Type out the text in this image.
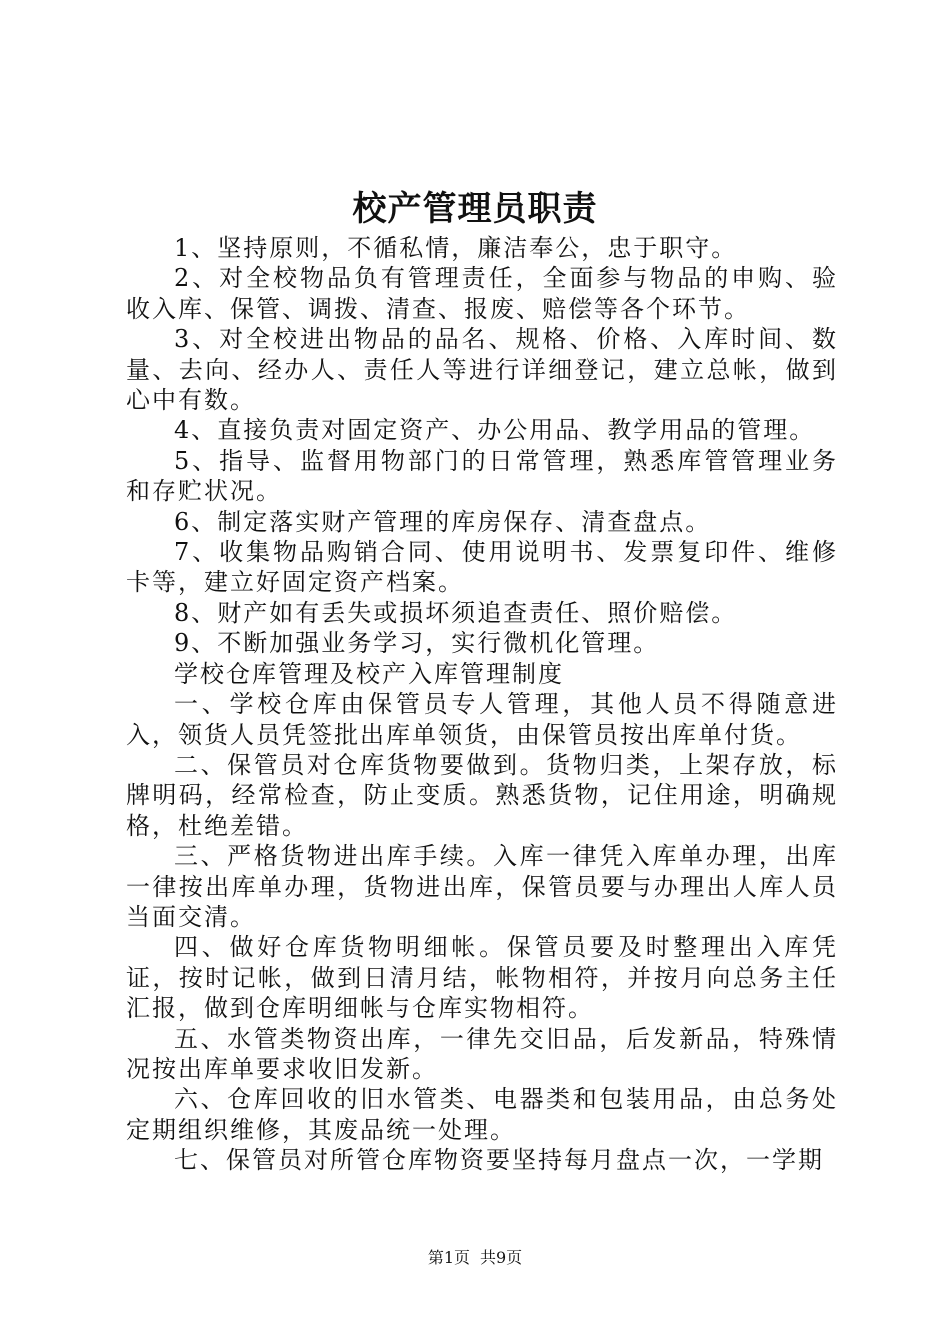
校产管理员职责

1、坚持原则，不循私情，廉洁奉公，忠于职守。

2、对全校物品负有管理责任，全面参与物品的申购、验收入库、保管、调拨、清查、报废、赔偿等各个环节。

3、对全校进出物品的品名、规格、价格、入库时间、数量、去向、经办人、责任人等进行详细登记，建立总帐，做到心中有数。

4、直接负责对固定资产、办公用品、教学用品的管理。

5、指导、监督用物部门的日常管理，熟悉库管管理业务和存贮状况。

6、制定落实财产管理的库房保存、清查盘点。

7、收集物品购销合同、使用说明书、发票复印件、维修卡等，建立好固定资产档案。

8、财产如有丢失或损坏须追查责任、照价赔偿。

9、不断加强业务学习，实行微机化管理。

学校仓库管理及校产入库管理制度

一、学校仓库由保管员专人管理，其他人员不得随意进入，领货人员凭签批出库单领货，由保管员按出库单付货。

二、保管员对仓库货物要做到。货物归类，上架存放，标牌明码，经常检查，防止变质。熟悉货物，记住用途，明确规格，杜绝差错。

三、严格货物进出库手续。入库一律凭入库单办理，出库一律按出库单办理，货物进出库，保管员要与办理出人库人员当面交清。

四、做好仓库货物明细帐。保管员要及时整理出入库凭证，按时记帐，做到日清月结，帐物相符，并按月向总务主任汇报，做到仓库明细帐与仓库实物相符。

五、水管类物资出库，一律先交旧品，后发新品，特殊情况按出库单要求收旧发新。

六、仓库回收的旧水管类、电器类和包装用品，由总务处定期组织维修，其废品统一处理。

七、保管员对所管仓库物资要坚持每月盘点一次，一学期

第1页 共9页
